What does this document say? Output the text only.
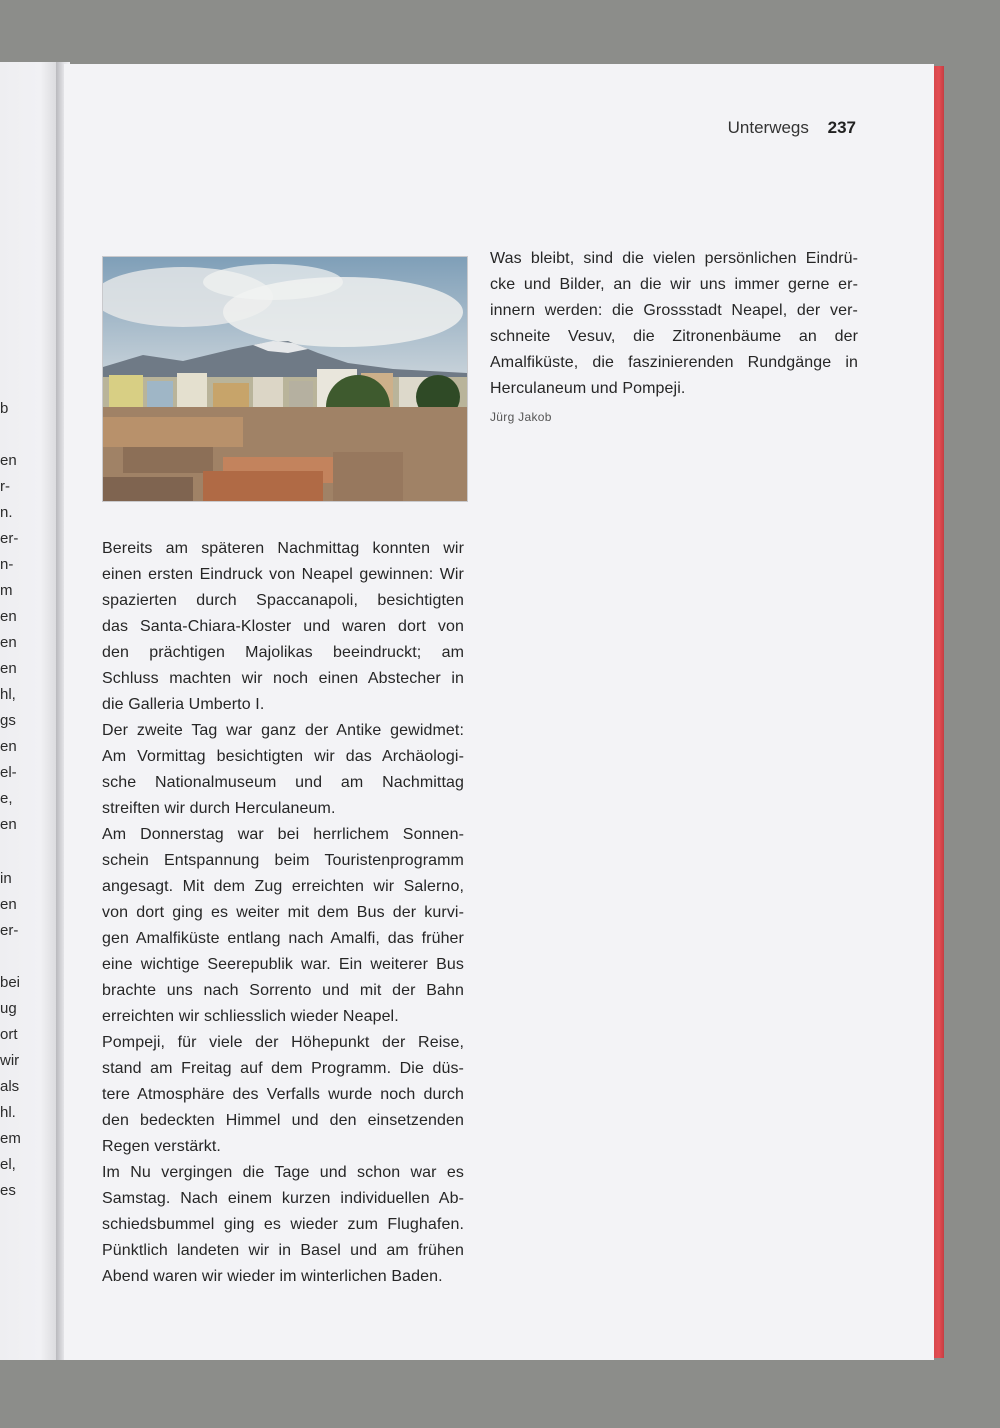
b
en
r-
n.
er-
n-
m
en
en
en
hl,
gs
en
el-
e,
en
in
en
er-
bei
ug
ort
wir
als
hl.
em
el,
es
Unterwegs 237
Was bleibt, sind die vielen persönlichen Eindrü-
cke und Bilder, an die wir uns immer gerne er-
innern werden: die Grossstadt Neapel, der ver-
schneite Vesuv, die Zitronenbäume an der
Amalfiküste, die faszinierenden Rundgänge in
Herculaneum und Pompeji.
Jürg Jakob
Bereits am späteren Nachmittag konnten wir
einen ersten Eindruck von Neapel gewinnen: Wir
spazierten durch Spaccanapoli, besichtigten
das Santa-Chiara-Kloster und waren dort von
den prächtigen Majolikas beeindruckt; am
Schluss machten wir noch einen Abstecher in
die Galleria Umberto I.
Der zweite Tag war ganz der Antike gewidmet:
Am Vormittag besichtigten wir das Archäologi-
sche Nationalmuseum und am Nachmittag
streiften wir durch Herculaneum.
Am Donnerstag war bei herrlichem Sonnen-
schein Entspannung beim Touristenprogramm
angesagt. Mit dem Zug erreichten wir Salerno,
von dort ging es weiter mit dem Bus der kurvi-
gen Amalfiküste entlang nach Amalfi, das früher
eine wichtige Seerepublik war. Ein weiterer Bus
brachte uns nach Sorrento und mit der Bahn
erreichten wir schliesslich wieder Neapel.
Pompeji, für viele der Höhepunkt der Reise,
stand am Freitag auf dem Programm. Die düs-
tere Atmosphäre des Verfalls wurde noch durch
den bedeckten Himmel und den einsetzenden
Regen verstärkt.
Im Nu vergingen die Tage und schon war es
Samstag. Nach einem kurzen individuellen Ab-
schiedsbummel ging es wieder zum Flughafen.
Pünktlich landeten wir in Basel und am frühen
Abend waren wir wieder im winterlichen Baden.
